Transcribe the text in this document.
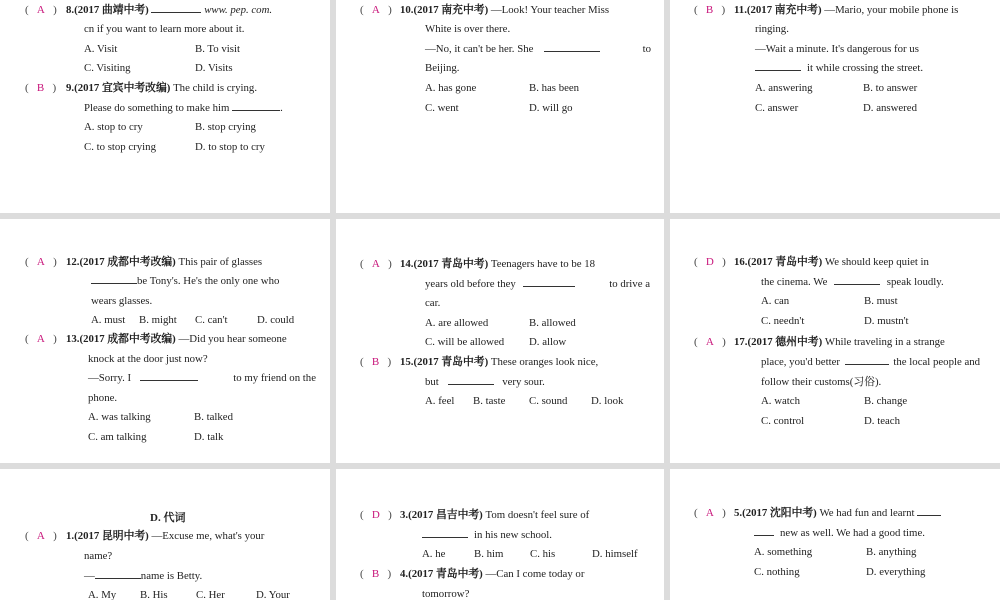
( A ) 8.(2017 曲靖中考)	www. pep. com.
cn if you want to learn more about it.
A. Visit	B. To visit
C. Visiting	D. Visits
( B ) 9.(2017 宜宾中考改编) The child is crying.
Please do something to make him	.
A. stop to cry	B. stop crying
C. to stop crying	D. to stop to cry
( A ) 10.(2017 南充中考) —Look! Your teacher Miss
White is over there.
—No, it can't be her. She	to
Beijing.
A. has gone	B. has been
C. went	D. will go
( B ) 11.(2017 南充中考) —Mario, your mobile phone is
ringing.
—Wait a minute. It's dangerous for us
it while crossing the street.
A. answering	B. to answer
C. answer	D. answered
( A ) 12.(2017 成都中考改编) This pair of glasses
be Tony's. He's the only one who
wears glasses.
A. must B. might C. can't	D. could
( A ) 13.(2017 成都中考改编) —Did you hear someone
knock at the door just now?
—Sorry. I	to my friend on the
phone.
A. was talking	B. talked
C. am talking	D. talk
( A ) 14.(2017 青岛中考) Teenagers have to be 18
years old before they	to drive a
car.
A. are allowed	B. allowed
C. will be allowed D. allow
( B ) 15.(2017 青岛中考) These oranges look nice,
but	very sour.
A. feel B. taste C. sound D. look
( D ) 16.(2017 青岛中考) We should keep quiet in
the cinema. We	speak loudly.
A. can	B. must
C. needn't	D. mustn't
( A ) 17.(2017 德州中考) While traveling in a strange
place, you'd better	the local people and
follow their customs(习俗).
A. watch	B. change
C. control	D. teach
D. 代词
( A ) 1.(2017 昆明中考) —Excuse me, what's your
name?
—	name is Betty.
A. My B. His	C. Her	D. Your
( D ) 3.(2017 昌吉中考) Tom doesn't feel sure of
in his new school.
A. he	B. him C. his	D. himself
( B ) 4.(2017 青岛中考) —Can I come today or
tomorrow?
( A ) 5.(2017 沈阳中考) We had fun and learnt
new as well. We had a good time.
A. something	B. anything
C. nothing	D. everything
